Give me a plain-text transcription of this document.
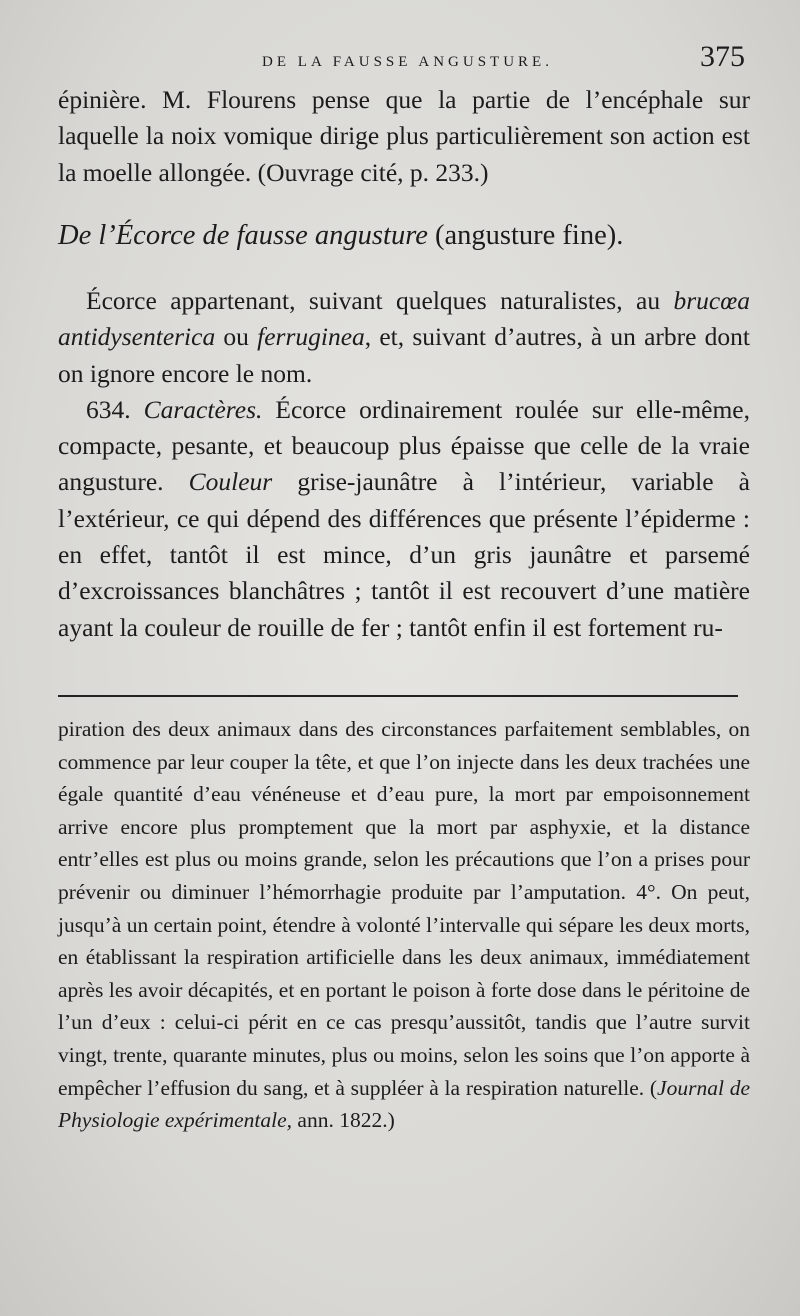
DE LA FAUSSE ANGUSTURE.	375

épinière. M. Flourens pense que la partie de l’encéphale sur laquelle la noix vomique dirige plus particulièrement son action est la moelle allongée. (Ouvrage cité, p. 233.)

De l’Écorce de fausse angusture (angusture fine).

Écorce appartenant, suivant quelques naturalistes, au brucœa antidysenterica ou ferruginea, et, suivant d’autres, à un arbre dont on ignore encore le nom.

634. Caractères. Écorce ordinairement roulée sur elle-même, compacte, pesante, et beaucoup plus épaisse que celle de la vraie angusture. Couleur grise-jaunâtre à l’intérieur, variable à l’extérieur, ce qui dépend des différences que présente l’épiderme : en effet, tantôt il est mince, d’un gris jaunâtre et parsemé d’excroissances blanchâtres ; tantôt il est recouvert d’une matière ayant la couleur de rouille de fer ; tantôt enfin il est fortement ru-

piration des deux animaux dans des circonstances parfaitement semblables, on commence par leur couper la tête, et que l’on injecte dans les deux trachées une égale quantité d’eau vénéneuse et d’eau pure, la mort par empoisonnement arrive encore plus promptement que la mort par asphyxie, et la distance entr’elles est plus ou moins grande, selon les précautions que l’on a prises pour prévenir ou diminuer l’hémorrhagie produite par l’amputation. 4°. On peut, jusqu’à un certain point, étendre à volonté l’intervalle qui sépare les deux morts, en établissant la respiration artificielle dans les deux animaux, immédiatement après les avoir décapités, et en portant le poison à forte dose dans le péritoine de l’un d’eux : celui-ci périt en ce cas presqu’aussitôt, tandis que l’autre survit vingt, trente, quarante minutes, plus ou moins, selon les soins que l’on apporte à empêcher l’effusion du sang, et à suppléer à la respiration naturelle. (Journal de Physiologie expérimentale, ann. 1822.)
